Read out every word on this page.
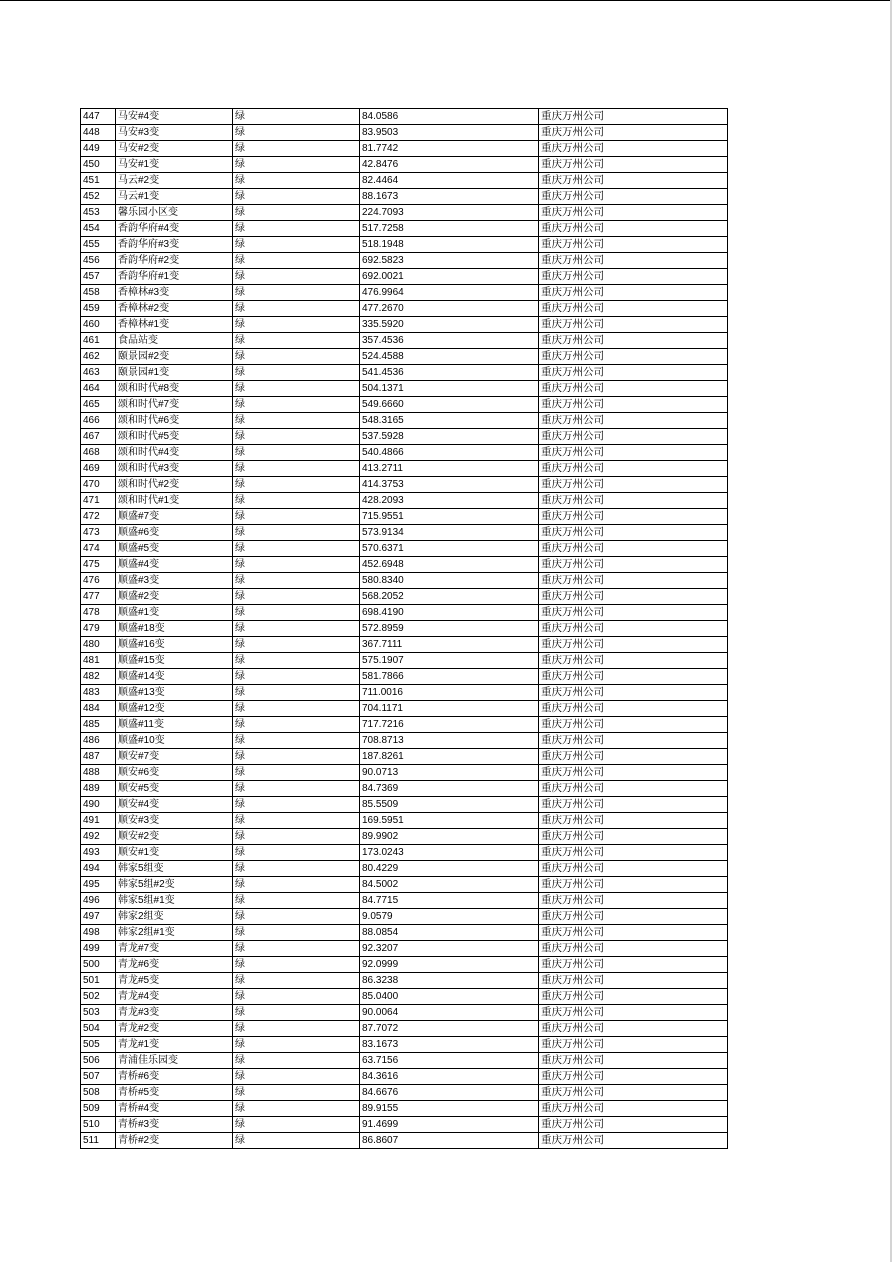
447	马安#4变	绿	84.0586	重庆万州公司
448	马安#3变	绿	83.9503	重庆万州公司
449	马安#2变	绿	81.7742	重庆万州公司
450	马安#1变	绿	42.8476	重庆万州公司
451	马云#2变	绿	82.4464	重庆万州公司
452	马云#1变	绿	88.1673	重庆万州公司
453	馨乐园小区变	绿	224.7093	重庆万州公司
454	香韵华府#4变	绿	517.7258	重庆万州公司
455	香韵华府#3变	绿	518.1948	重庆万州公司
456	香韵华府#2变	绿	692.5823	重庆万州公司
457	香韵华府#1变	绿	692.0021	重庆万州公司
458	香樟林#3变	绿	476.9964	重庆万州公司
459	香樟林#2变	绿	477.2670	重庆万州公司
460	香樟林#1变	绿	335.5920	重庆万州公司
461	食品站变	绿	357.4536	重庆万州公司
462	颐景园#2变	绿	524.4588	重庆万州公司
463	颐景园#1变	绿	541.4536	重庆万州公司
464	颂和时代#8变	绿	504.1371	重庆万州公司
465	颂和时代#7变	绿	549.6660	重庆万州公司
466	颂和时代#6变	绿	548.3165	重庆万州公司
467	颂和时代#5变	绿	537.5928	重庆万州公司
468	颂和时代#4变	绿	540.4866	重庆万州公司
469	颂和时代#3变	绿	413.2711	重庆万州公司
470	颂和时代#2变	绿	414.3753	重庆万州公司
471	颂和时代#1变	绿	428.2093	重庆万州公司
472	顺盛#7变	绿	715.9551	重庆万州公司
473	顺盛#6变	绿	573.9134	重庆万州公司
474	顺盛#5变	绿	570.6371	重庆万州公司
475	顺盛#4变	绿	452.6948	重庆万州公司
476	顺盛#3变	绿	580.8340	重庆万州公司
477	顺盛#2变	绿	568.2052	重庆万州公司
478	顺盛#1变	绿	698.4190	重庆万州公司
479	顺盛#18变	绿	572.8959	重庆万州公司
480	顺盛#16变	绿	367.7111	重庆万州公司
481	顺盛#15变	绿	575.1907	重庆万州公司
482	顺盛#14变	绿	581.7866	重庆万州公司
483	顺盛#13变	绿	711.0016	重庆万州公司
484	顺盛#12变	绿	704.1171	重庆万州公司
485	顺盛#11变	绿	717.7216	重庆万州公司
486	顺盛#10变	绿	708.8713	重庆万州公司
487	顺安#7变	绿	187.8261	重庆万州公司
488	顺安#6变	绿	90.0713	重庆万州公司
489	顺安#5变	绿	84.7369	重庆万州公司
490	顺安#4变	绿	85.5509	重庆万州公司
491	顺安#3变	绿	169.5951	重庆万州公司
492	顺安#2变	绿	89.9902	重庆万州公司
493	顺安#1变	绿	173.0243	重庆万州公司
494	韩家5组变	绿	80.4229	重庆万州公司
495	韩家5组#2变	绿	84.5002	重庆万州公司
496	韩家5组#1变	绿	84.7715	重庆万州公司
497	韩家2组变	绿	9.0579	重庆万州公司
498	韩家2组#1变	绿	88.0854	重庆万州公司
499	青龙#7变	绿	92.3207	重庆万州公司
500	青龙#6变	绿	92.0999	重庆万州公司
501	青龙#5变	绿	86.3238	重庆万州公司
502	青龙#4变	绿	85.0400	重庆万州公司
503	青龙#3变	绿	90.0064	重庆万州公司
504	青龙#2变	绿	87.7072	重庆万州公司
505	青龙#1变	绿	83.1673	重庆万州公司
506	青浦佳乐园变	绿	63.7156	重庆万州公司
507	青桥#6变	绿	84.3616	重庆万州公司
508	青桥#5变	绿	84.6676	重庆万州公司
509	青桥#4变	绿	89.9155	重庆万州公司
510	青桥#3变	绿	91.4699	重庆万州公司
511	青桥#2变	绿	86.8607	重庆万州公司
